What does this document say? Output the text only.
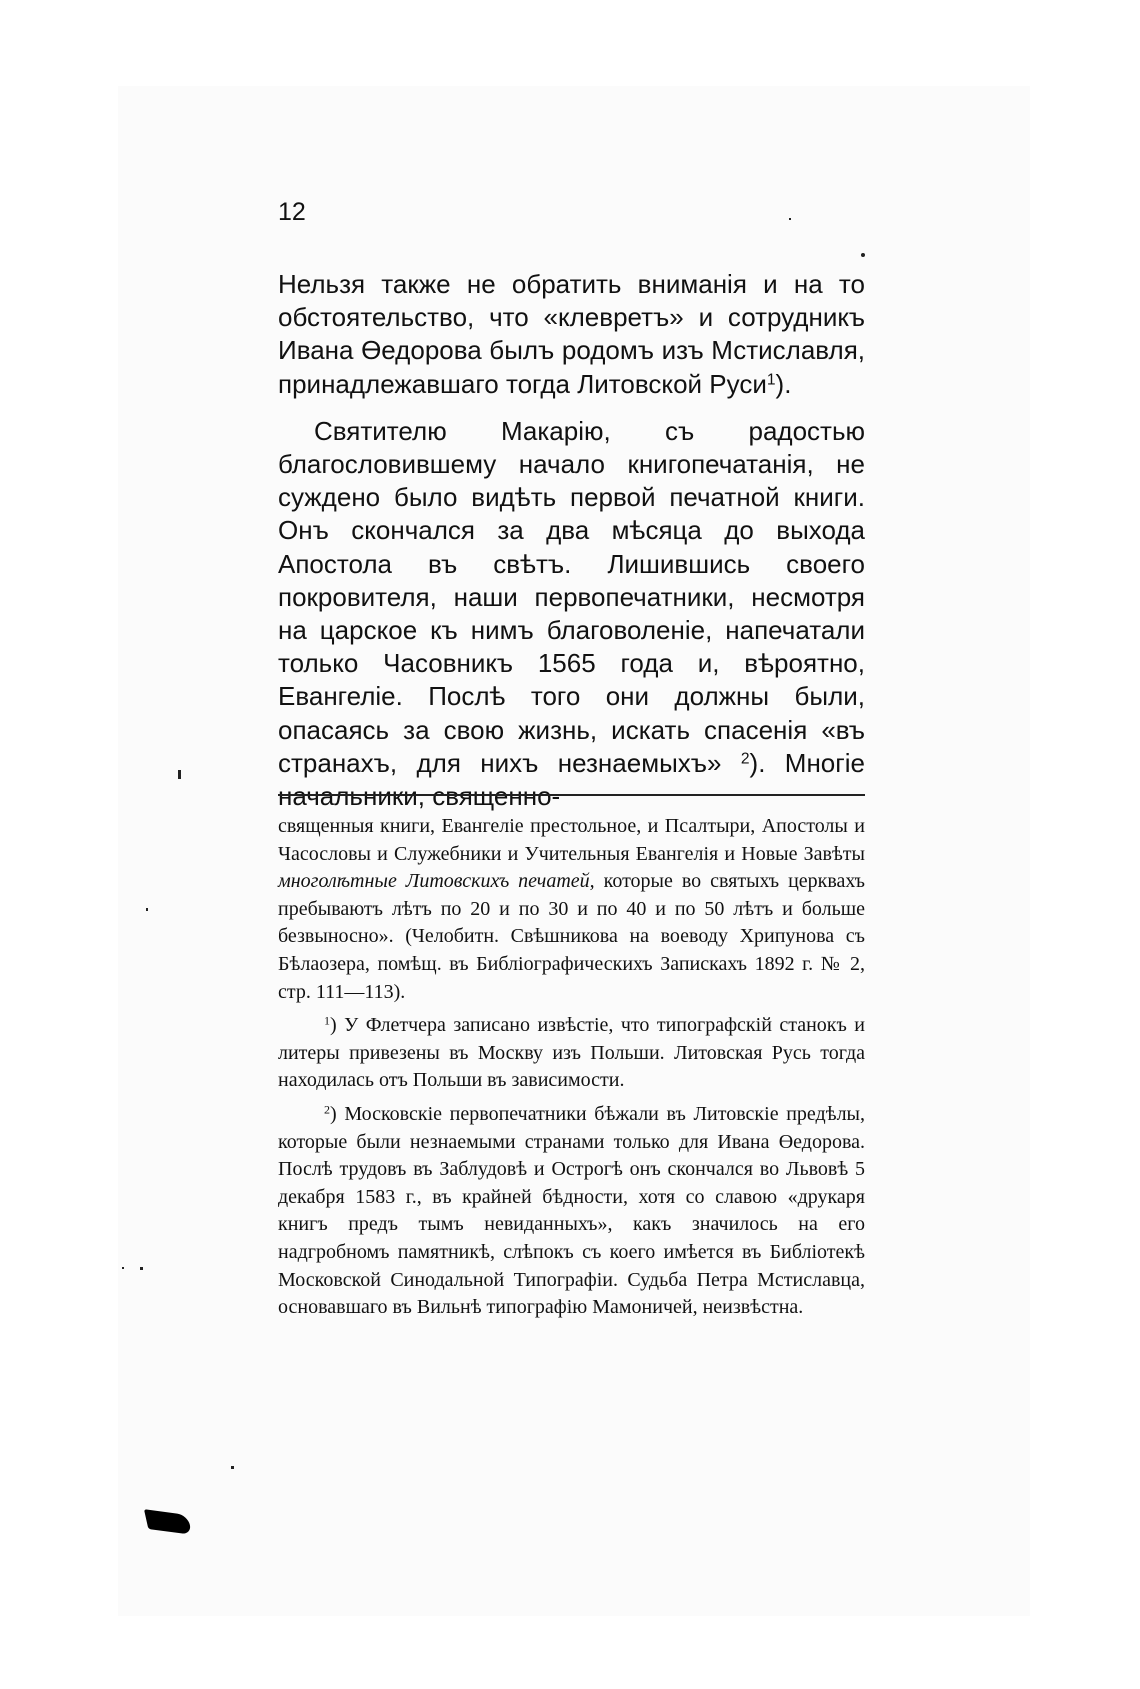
12

Нельзя также не обратить вниманія и на то обстоятельство, что «клевретъ» и сотрудникъ Ивана Өедорова былъ родомъ изъ Мстиславля, принадлежавшаго тогда Литовской Руси$^1$).

Святителю Макарію, съ радостью благословившему начало книгопечатанія, не суждено было видѣть первой печатной книги. Онъ скончался за два мѣсяца до выхода Апостола въ свѣтъ. Лишившись своего покровителя, наши первопечатники, несмотря на царское къ нимъ благоволеніе, напечатали только Часовникъ 1565 года и, вѣроятно, Евангеліе. Послѣ того они должны были, опасаясь за свою жизнь, искать спасенія «въ странахъ, для нихъ незнаемыхъ» $^2$). Многіе начальники, священно-

священныя книги, Евангеліе престольное, и Псалтыри, Апостолы и Часословы и Служебники и Учительныя Евангелія и Новые Завѣты многолѣтные Литовскихъ печатей, которые во святыхъ церквахъ пребываютъ лѣтъ по 20 и по 30 и по 40 и по 50 лѣтъ и больше безвыносно». (Челобитн. Свѣшникова на воеводу Хрипунова съ Бѣлаозера, помѣщ. въ Библіографическихъ Запискахъ 1892 г. № 2, стр. 111—113).

$^1$) У Флетчера записано извѣстіе, что типографскій станокъ и литеры привезены въ Москву изъ Польши. Литовская Русь тогда находилась отъ Польши въ зависимости.

$^2$) Московскіе первопечатники бѣжали въ Литовскіе предѣлы, которые были незнаемыми странами только для Ивана Өедорова. Послѣ трудовъ въ Заблудовѣ и Острогѣ онъ скончался во Львовѣ 5 декабря 1583 г., въ крайней бѣдности, хотя со славою «друкаря книгъ предъ тымъ невиданныхъ», какъ значилось на его надгробномъ памятникѣ, слѣпокъ съ коего имѣется въ Библіотекѣ Московской Синодальной Типографіи. Судьба Петра Мстиславца, основавшаго въ Вильнѣ типографію Мамоничей, неизвѣстна.
